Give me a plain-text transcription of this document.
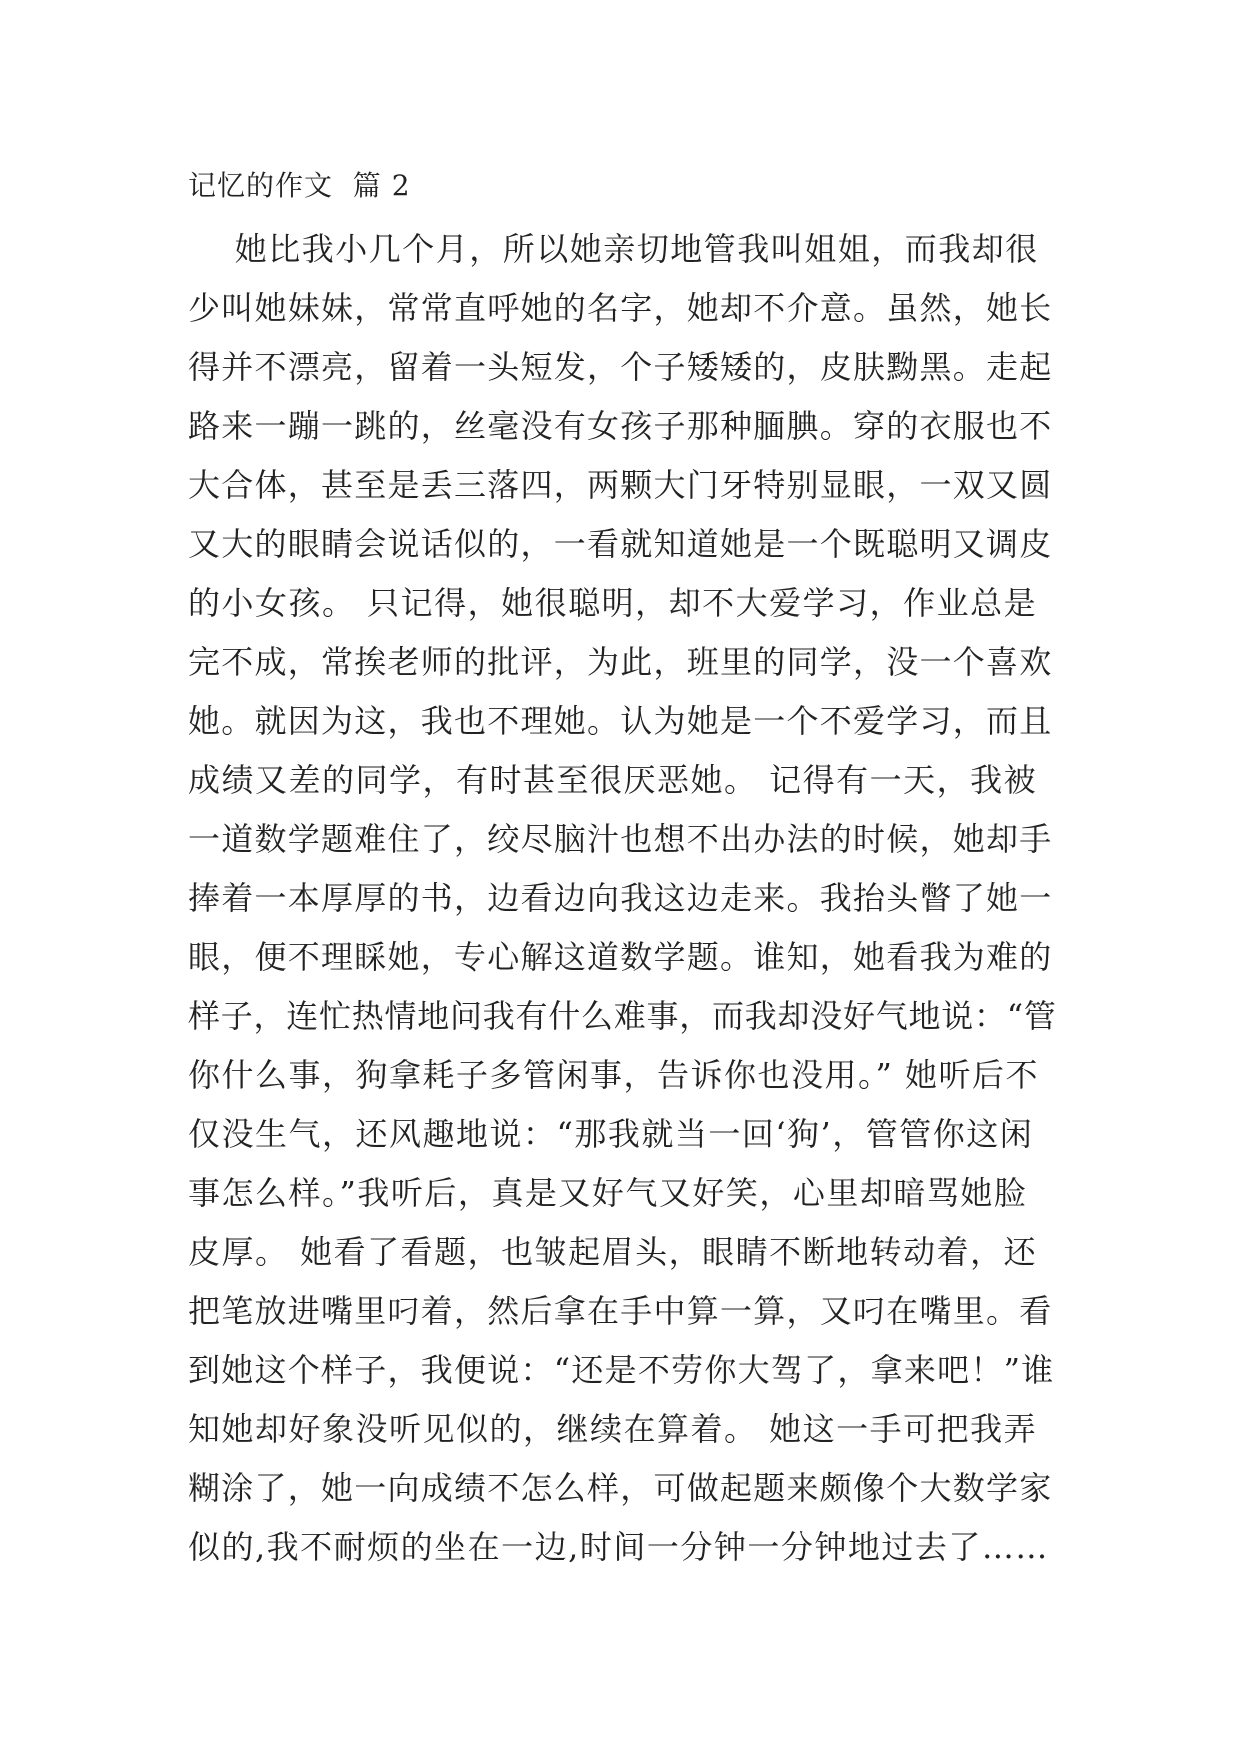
记忆的作文  篇 2
她比我小几个月，所以她亲切地管我叫姐姐，而我却很
少叫她妹妹，常常直呼她的名字，她却不介意。虽然，她长
得并不漂亮，留着一头短发，个子矮矮的，皮肤黝黑。走起
路来一蹦一跳的，丝毫没有女孩子那种腼腆。穿的衣服也不
大合体，甚至是丢三落四，两颗大门牙特别显眼，一双又圆
又大的眼睛会说话似的，一看就知道她是一个既聪明又调皮
的小女孩。 只记得，她很聪明，却不大爱学习，作业总是
完不成，常挨老师的批评，为此，班里的同学，没一个喜欢
她。就因为这，我也不理她。认为她是一个不爱学习，而且
成绩又差的同学，有时甚至很厌恶她。 记得有一天，我被
一道数学题难住了，绞尽脑汁也想不出办法的时候，她却手
捧着一本厚厚的书，边看边向我这边走来。我抬头瞥了她一
眼，便不理睬她，专心解这道数学题。谁知，她看我为难的
样子，连忙热情地问我有什么难事，而我却没好气地说：“管
你什么事，狗拿耗子多管闲事，告诉你也没用。” 她听后不
仅没生气，还风趣地说：“那我就当一回‘狗’，管管你这闲
事怎么样。”我听后，真是又好气又好笑，心里却暗骂她脸
皮厚。 她看了看题，也皱起眉头，眼睛不断地转动着，还
把笔放进嘴里叼着，然后拿在手中算一算，又叼在嘴里。看
到她这个样子，我便说：“还是不劳你大驾了，拿来吧！”谁
知她却好象没听见似的，继续在算着。 她这一手可把我弄
糊涂了，她一向成绩不怎么样，可做起题来颇像个大数学家
似的,我不耐烦的坐在一边,时间一分钟一分钟地过去了……
